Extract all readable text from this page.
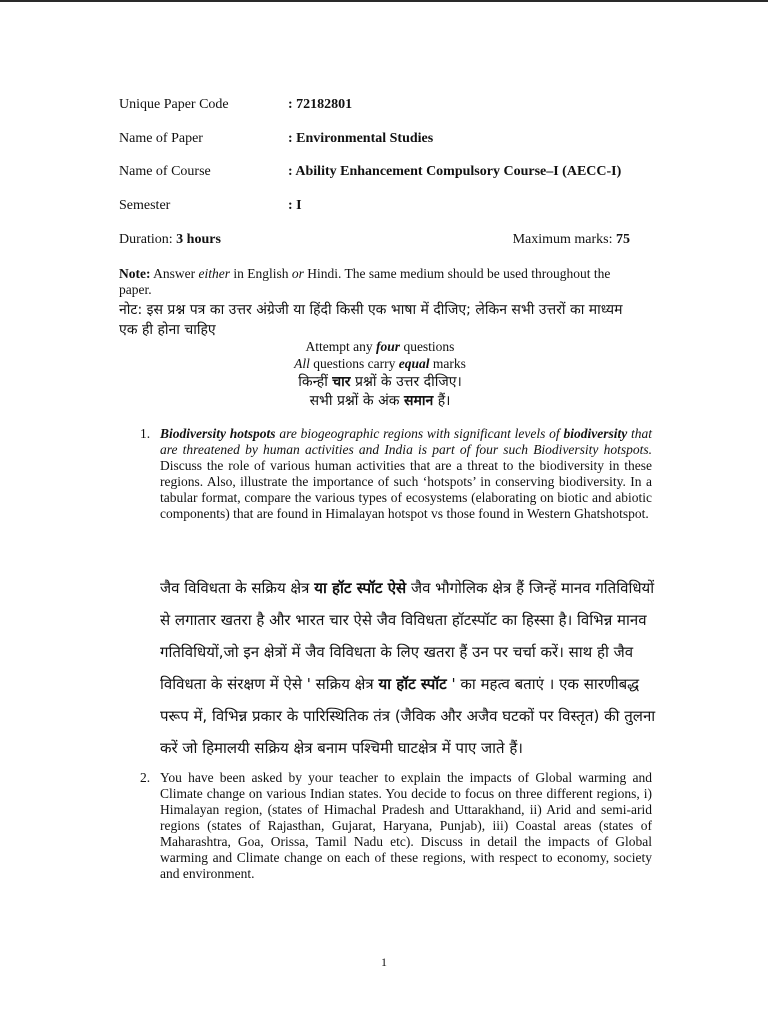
Unique Paper Code	: 72182801
Name of Paper	: Environmental Studies
Name of Course	: Ability Enhancement Compulsory Course–I (AECC-I)
Semester	: I
Duration: 3 hours	Maximum marks: 75
Note: Answer either in English or Hindi. The same medium should be used throughout the paper.
नोट: इस प्रश्न पत्र का उत्तर अंग्रेजी या हिंदी किसी एक भाषा में दीजिए; लेकिन सभी उत्तरों का माध्यम एक ही होना चाहिए
Attempt any four questions
All questions carry equal marks
किन्हीं चार प्रश्नों के उत्तर दीजिए।
सभी प्रश्नों के अंक समान हैं।
1. Biodiversity hotspots are biogeographic regions with significant levels of biodiversity that are threatened by human activities and India is part of four such Biodiversity hotspots. Discuss the role of various human activities that are a threat to the biodiversity in these regions. Also, illustrate the importance of such ‘hotspots’ in conserving biodiversity. In a tabular format, compare the various types of ecosystems (elaborating on biotic and abiotic components) that are found in Himalayan hotspot vs those found in Western Ghatshotspot.
जैव विविधता के सक्रिय क्षेत्र या हॉट स्पॉट ऐसे जैव भौगोलिक क्षेत्र हैं जिन्हें मानव गतिविधियों से लगातार खतरा है और भारत चार ऐसे जैव विविधता हॉटस्पॉट का हिस्सा है। विभिन्न मानव गतिविधियों,जो इन क्षेत्रों में जैव विविधता के लिए खतरा हैं उन पर चर्चा करें। साथ ही जैव विविधता के संरक्षण में ऐसे ' सक्रिय क्षेत्र या हॉट स्पॉट ' का महत्व बताएं । एक सारणीबद्ध परूप में, विभिन्न प्रकार के पारिस्थितिक तंत्र (जैविक और अजैव घटकों पर विस्तृत) की तुलना करें जो हिमालयी सक्रिय क्षेत्र बनाम पश्चिमी घाटक्षेत्र में पाए जाते हैं।
2. You have been asked by your teacher to explain the impacts of Global warming and Climate change on various Indian states. You decide to focus on three different regions, i) Himalayan region, (states of Himachal Pradesh and Uttarakhand, ii) Arid and semi-arid regions (states of Rajasthan, Gujarat, Haryana, Punjab), iii) Coastal areas (states of Maharashtra, Goa, Orissa, Tamil Nadu etc). Discuss in detail the impacts of Global warming and Climate change on each of these regions, with respect to economy, society and environment.
1
